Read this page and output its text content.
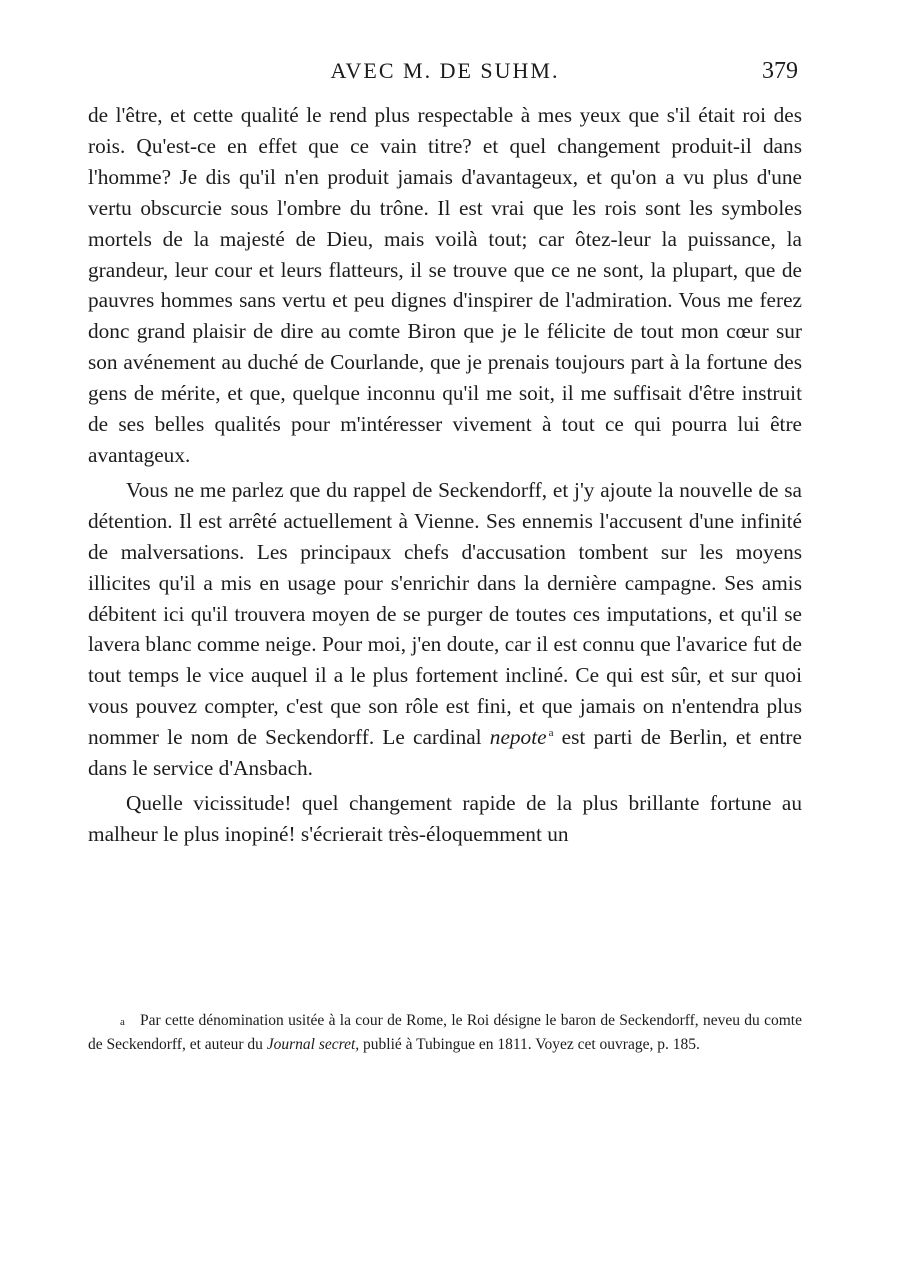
AVEC M. DE SUHM.	379

de l'être, et cette qualité le rend plus respectable à mes yeux que s'il était roi des rois. Qu'est-ce en effet que ce vain titre? et quel changement produit-il dans l'homme? Je dis qu'il n'en produit jamais d'avantageux, et qu'on a vu plus d'une vertu obscurcie sous l'ombre du trône. Il est vrai que les rois sont les symboles mortels de la majesté de Dieu, mais voilà tout; car ôtez-leur la puissance, la grandeur, leur cour et leurs flatteurs, il se trouve que ce ne sont, la plupart, que de pauvres hommes sans vertu et peu dignes d'inspirer de l'admiration. Vous me ferez donc grand plaisir de dire au comte Biron que je le félicite de tout mon cœur sur son avénement au duché de Courlande, que je prenais toujours part à la fortune des gens de mérite, et que, quelque inconnu qu'il me soit, il me suffisait d'être instruit de ses belles qualités pour m'intéresser vivement à tout ce qui pourra lui être avantageux.

Vous ne me parlez que du rappel de Seckendorff, et j'y ajoute la nouvelle de sa détention. Il est arrêté actuellement à Vienne. Ses ennemis l'accusent d'une infinité de malversations. Les principaux chefs d'accusation tombent sur les moyens illicites qu'il a mis en usage pour s'enrichir dans la dernière campagne. Ses amis débitent ici qu'il trouvera moyen de se purger de toutes ces imputations, et qu'il se lavera blanc comme neige. Pour moi, j'en doute, car il est connu que l'avarice fut de tout temps le vice auquel il a le plus fortement incliné. Ce qui est sûr, et sur quoi vous pouvez compter, c'est que son rôle est fini, et que jamais on n'entendra plus nommer le nom de Seckendorff. Le cardinal nepote $^a$ est parti de Berlin, et entre dans le service d'Ansbach.

Quelle vicissitude! quel changement rapide de la plus brillante fortune au malheur le plus inopiné! s'écrierait très-éloquemment un

a Par cette dénomination usitée à la cour de Rome, le Roi désigne le baron de Seckendorff, neveu du comte de Seckendorff, et auteur du Journal secret, publié à Tubingue en 1811. Voyez cet ouvrage, p. 185.
